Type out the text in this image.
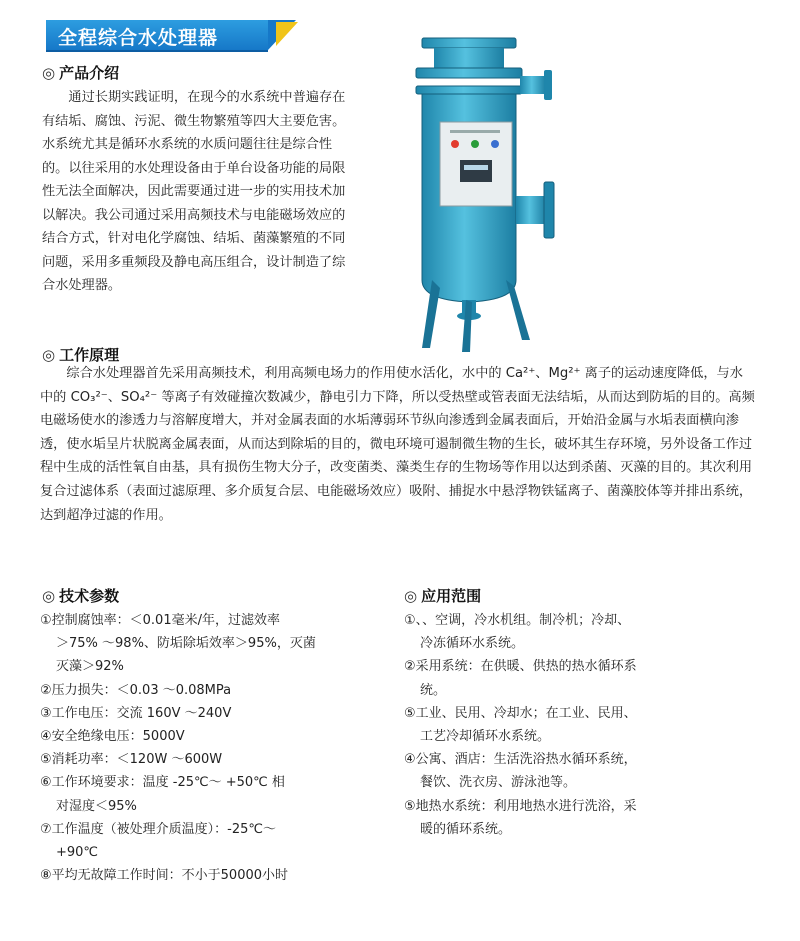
全程综合水处理器
◎ 产品介绍
通过长期实践证明，在现今的水系统中普遍存在有结垢、腐蚀、污泥、微生物繁殖等四大主要危害。水系统尤其是循环水系统的水质问题往往是综合性的。以往采用的水处理设备由于单台设备功能的局限性无法全面解决，因此需要通过进一步的实用技术加以解决。我公司通过采用高频技术与电能磁场效应的结合方式，针对电化学腐蚀、结垢、菌藻繁殖的不同问题，采用多重频段及静电高压组合，设计制造了综合水处理器。
◎ 工作原理
综合水处理器首先采用高频技术，利用高频电场力的作用使水活化，水中的 Ca²⁺、Mg²⁺ 离子的运动速度降低，与水中的 CO₃²⁻、SO₄²⁻ 等离子有效碰撞次数减少，静电引力下降，所以受热壁或管表面无法结垢，从而达到防垢的目的。高频电磁场使水的渗透力与溶解度增大，并对金属表面的水垢薄弱环节纵向渗透到金属表面后，开始沿金属与水垢表面横向渗透，使水垢呈片状脱离金属表面，从而达到除垢的目的，微电环境可遏制微生物的生长，破坏其生存环境，另外设备工作过程中生成的活性氧自由基，具有损伤生物大分子，改变菌类、藻类生存的生物场等作用以达到杀菌、灭藻的目的。其次利用复合过滤体系（表面过滤原理、多介质复合层、电能磁场效应）吸附、捕捉水中悬浮物铁锰离子、菌藻胶体等并排出系统，达到超净过滤的作用。
◎ 技术参数
①控制腐蚀率：＜0.01毫米/年，过滤效率
＞75% ～98%、防垢除垢效率＞95%，灭菌
灭藻＞92%
②压力损失：＜0.03 ～0.08MPa
③工作电压：交流 160V ～240V
④安全绝缘电压：5000V
⑤消耗功率：＜120W ～600W
⑥工作环境要求：温度 -25℃～ +50℃ 相
对湿度＜95%
⑦工作温度（被处理介质温度）：-25℃～
+90℃
⑧平均无故障工作时间：不小于50000小时
◎ 应用范围
①、、空调，冷水机组。制冷机；冷却、
冷冻循环水系统。
②采用系统：在供暖、供热的热水循环系
统。
⑤工业、民用、冷却水；在工业、民用、
工艺冷却循环水系统。
④公寓、酒店：生活洗浴热水循环系统，
餐饮、洗衣房、游泳池等。
⑤地热水系统：利用地热水进行洗浴，采
暖的循环系统。
